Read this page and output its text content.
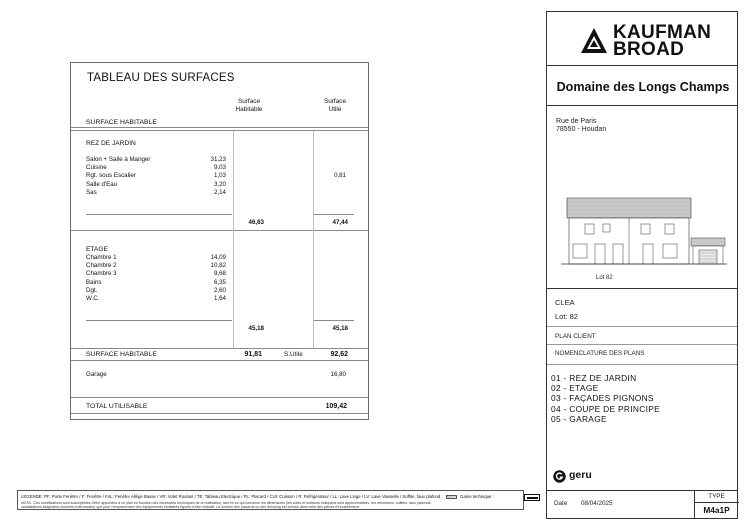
TABLEAU DES SURFACES
Surface
Habitable
Surface
Utile
SURFACE HABITABLE
REZ DE JARDIN
Salon + Salle à Manger	31,23
Cuisine	9,03
Rgt. sous Escalier	1,03	0,81
Salle d'Eau	3,20
Sas	2,14
46,63	47,44
ETAGE
Chambre 1	14,09
Chambre 2	10,82
Chambre 3	9,68
Bains	6,35
Dgt.	2,60
W.C.	1,64
45,18	45,18
SURFACE HABITABLE	91,81	S.Utile	92,62
Garage	16,80
TOTAL UTILISABLE	109,42
KAUFMAN
BROAD
Domaine des Longs Champs
Rue de Paris
78550 - Houdan
Lot 82
CLEA
Lot: 82
PLAN CLIENT
NOMENCLATURE DES PLANS
01 - REZ DE JARDIN
02 - ETAGE
03 - FAÇADES PIGNONS
04 - COUPE DE PRINCIPE
05 - GARAGE
geru
Date 08/04/2025
TYPE
M4a1P
LEGENDE: PF: Porte Fenêtre / F: Fenêtre / FAL: Fenêtre Allège Basse / VR: Volet Roulant / TE: Tableau Electrique / PL: Placard / CUI: Cuisson / R: Réfrigérateur / LL: Lave Linge / LV: Lave Vaisselle / Soffite, faux plafond :	Gaine technique :
NOTA : Ces modifications sont susceptibles d'être apportées à ce plan en fonction des nécessités techniques de la réalisation, tant en ce qui concerne les dimensions (les cotes et surfaces indiquées sont approximatives, les retombées, soffites, faux plafonds,
canalisations,baignoires,douches,évier,lavabo) que pour l'emplacement des équipements sanitaires figurés à titre indicatif. La surface des placards ou des dressing est incluse dans celle des pièces d'encadrement.
